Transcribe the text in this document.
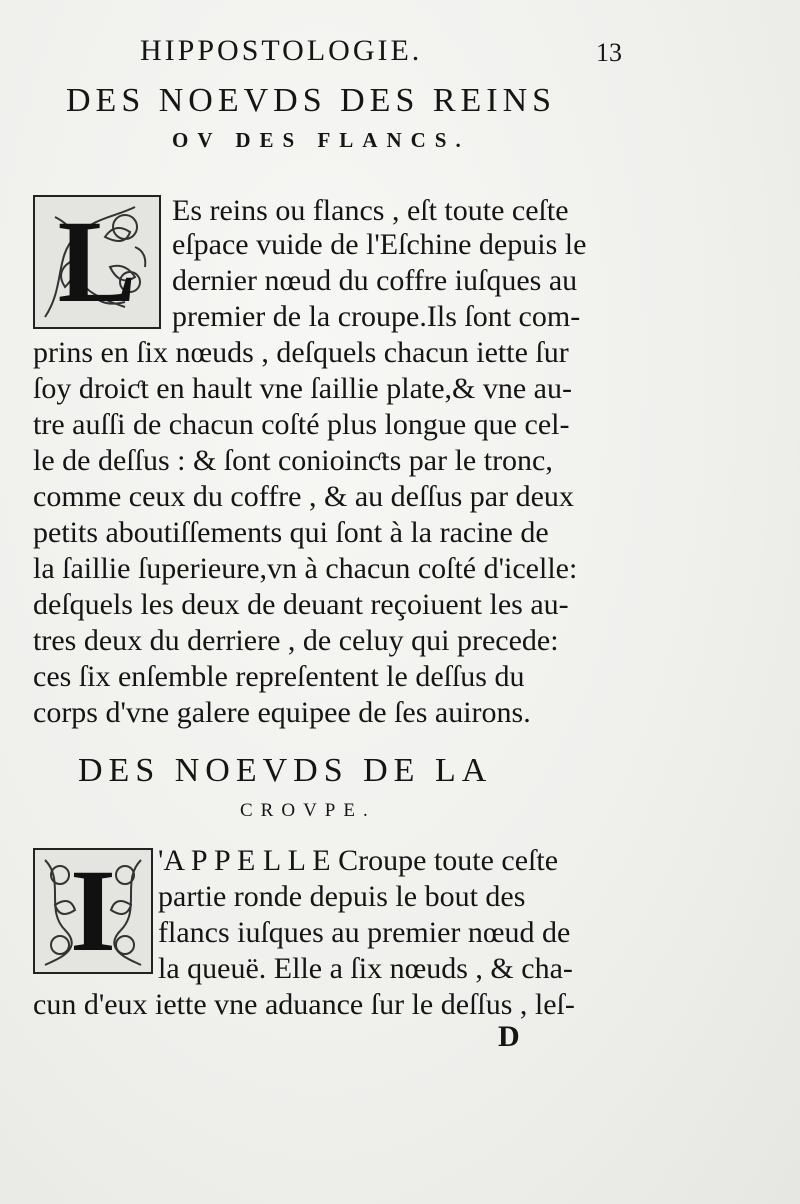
HIPPOSTOLOGIE.	13
DES NOEVDS DES REINS
OV DES FLANCS.
L Es reins ou flancs , eſt toute ceſte
eſpace vuide de l'Eſchine depuis le
dernier nœud du coffre iuſques au
premier de la croupe.Ils ſont com-
prins en ſix nœuds , deſquels chacun iette ſur
ſoy droiƈt en hault vne ſaillie plate,& vne au-
tre auſſi de chacun coſté plus longue que cel-
le de deſſus : & ſont conioinƈts par le tronc,
comme ceux du coffre , & au deſſus par deux
petits aboutiſſements qui ſont à la racine de
la ſaillie ſuperieure,vn à chacun coſté d'icelle:
deſquels les deux de deuant reçoiuent les au-
tres deux du derriere , de celuy qui precede:
ces ſix enſemble repreſentent le deſſus du
corps d'vne galere equipee de ſes auirons.
DES NOEVDS DE LA
CROVPE.
I 'A P P E L L E Croupe toute ceſte
partie ronde depuis le bout des
flancs iuſques au premier nœud de
la queuë. Elle a ſix nœuds , & cha-
cun d'eux iette vne aduance ſur le deſſus , leſ-
D
